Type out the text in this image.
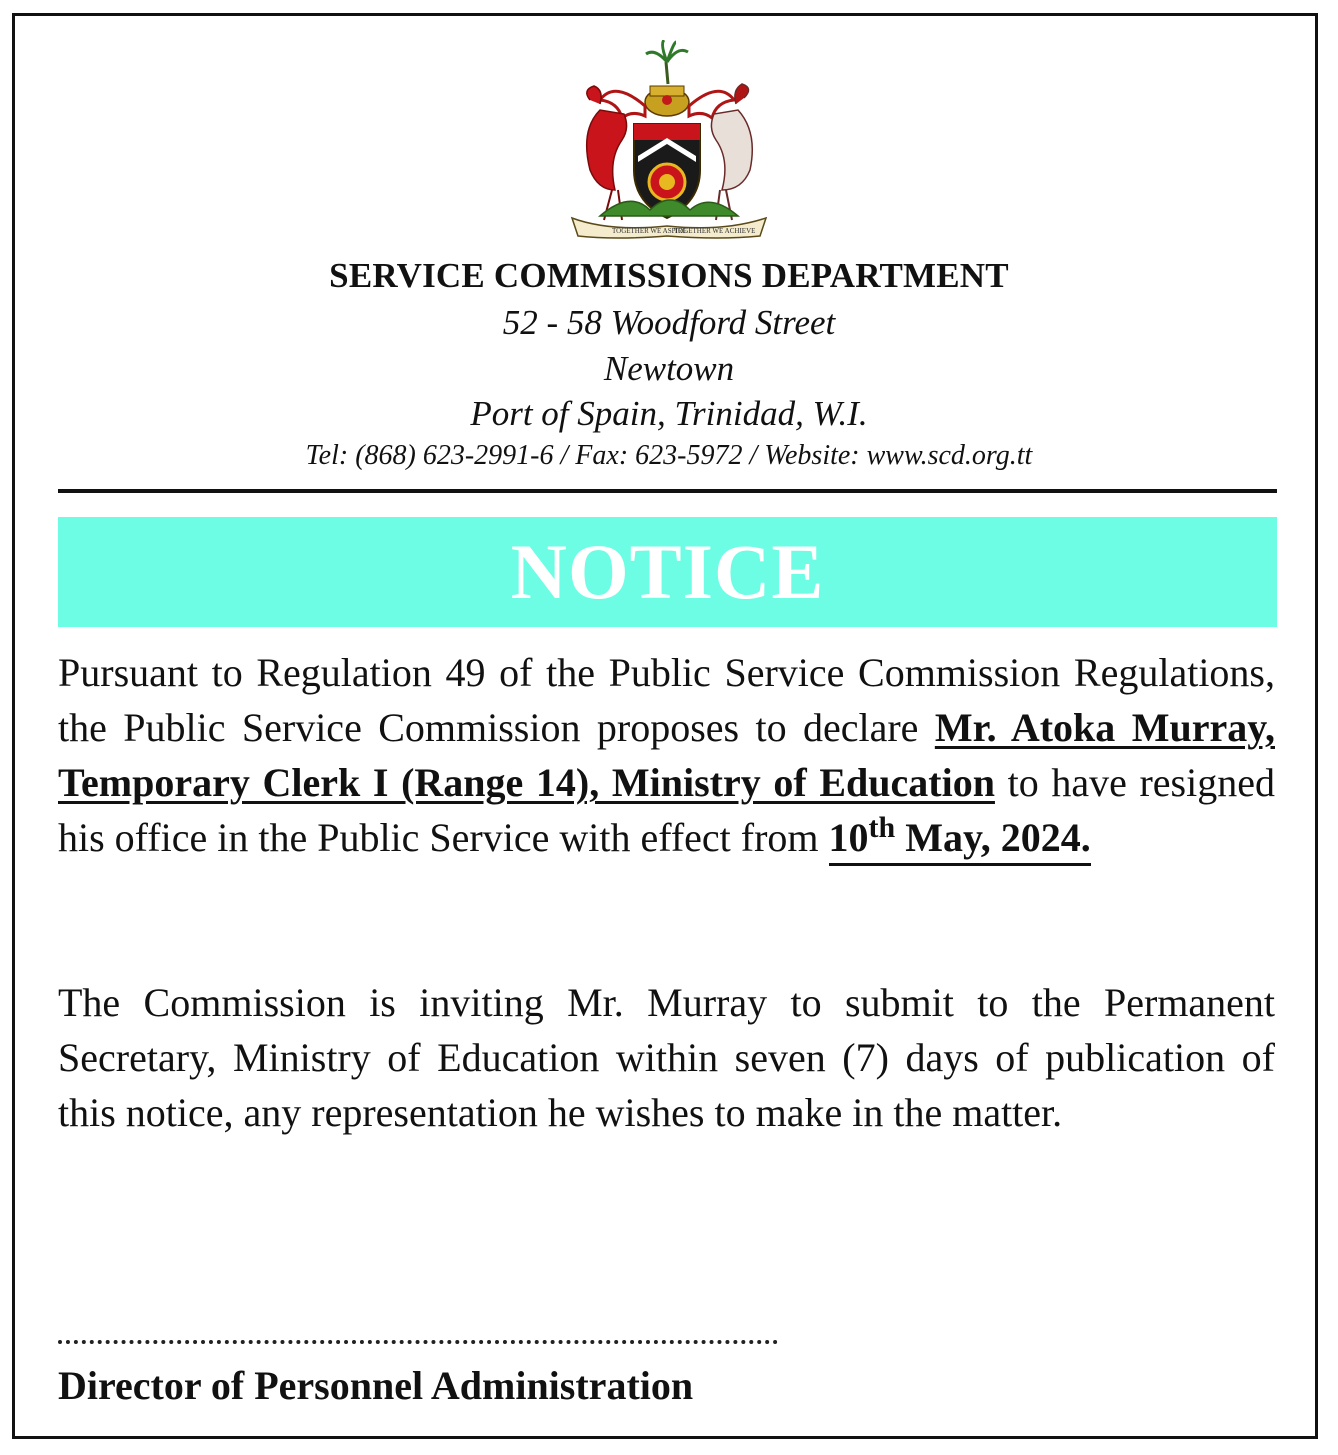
TOGETHER WE ASPIRE
TOGETHER WE ACHIEVE
SERVICE COMMISSIONS DEPARTMENT
52 - 58 Woodford Street
Newtown
Port of Spain, Trinidad, W.I.
Tel: (868) 623-2991-6 / Fax: 623-5972 / Website: www.scd.org.tt
NOTICE

Pursuant to Regulation 49 of the Public Service Commission Regulations, the Public Service Commission proposes to declare Mr. Atoka Murray, Temporary Clerk I (Range 14), Ministry of Education to have resigned his office in the Public Service with effect from 10th May, 2024.

The Commission is inviting Mr. Murray to submit to the Permanent Secretary, Ministry of Education within seven (7) days of publication of this notice, any representation he wishes to make in the matter.

Director of Personnel Administration
